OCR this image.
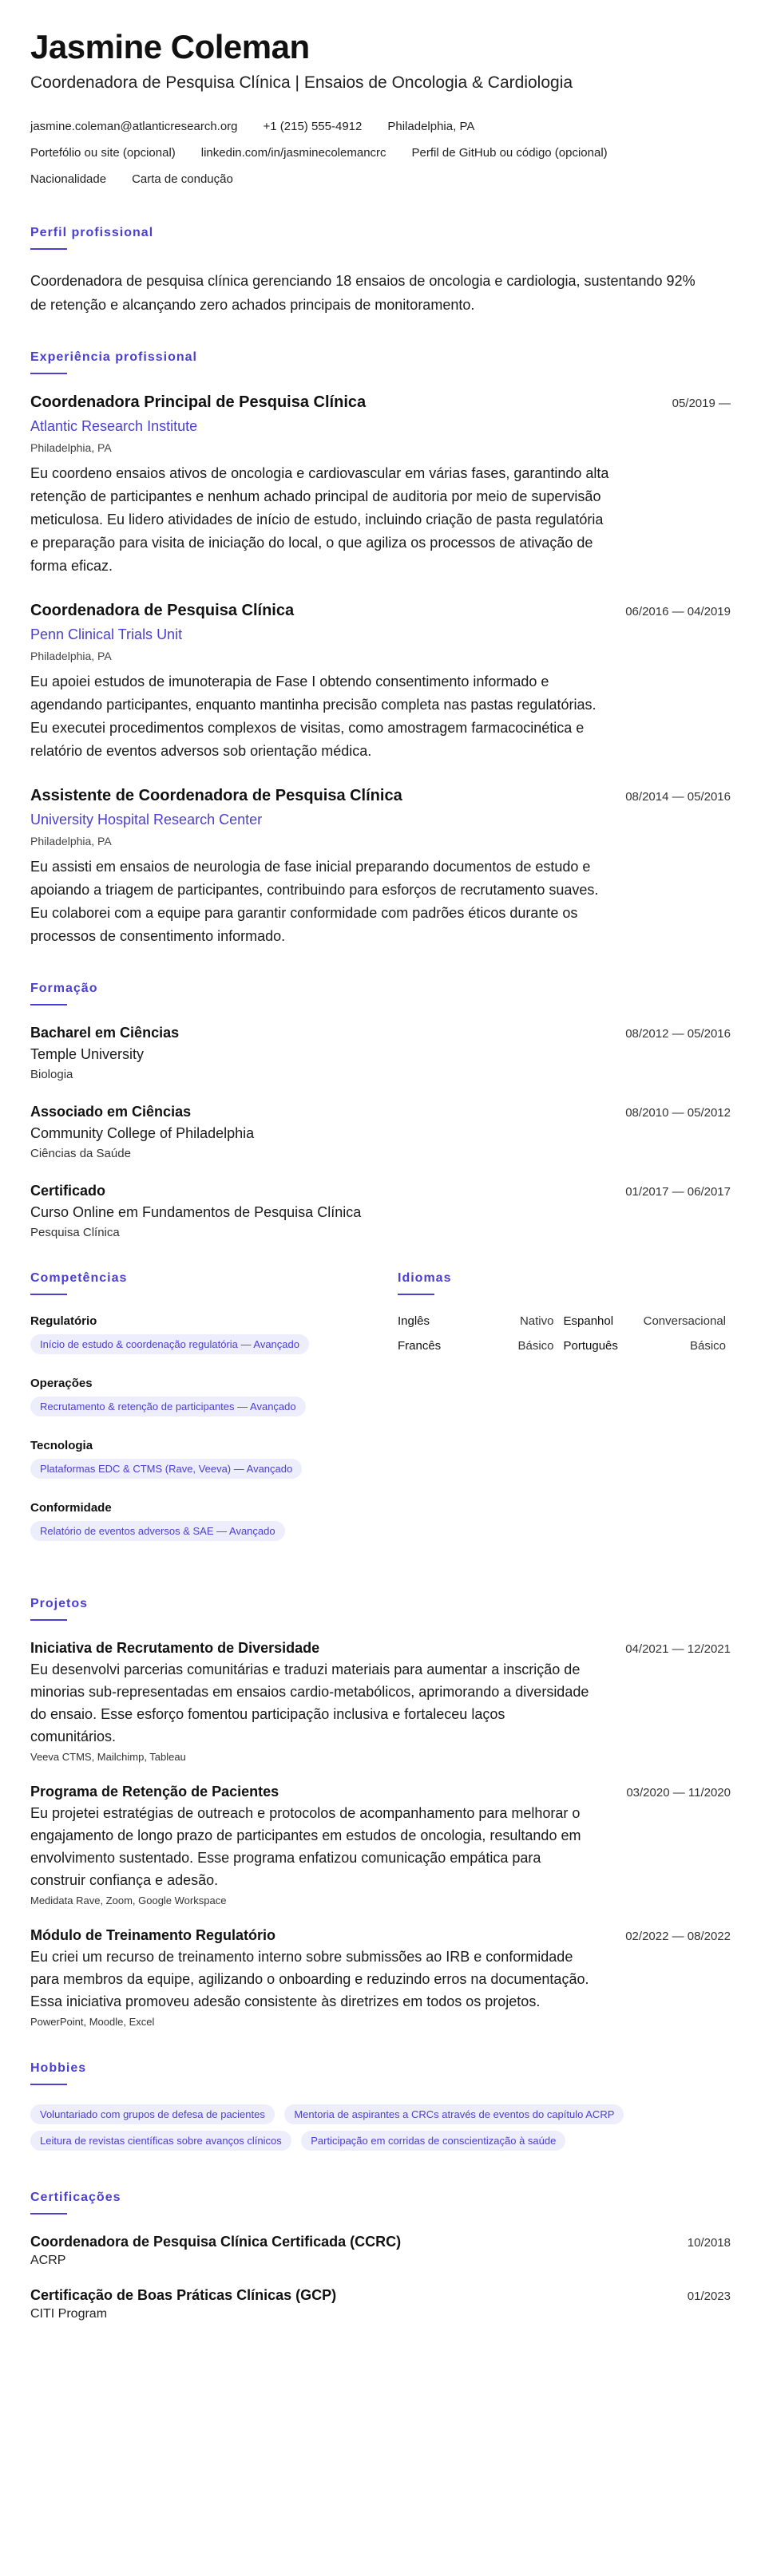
Jasmine Coleman
Coordenadora de Pesquisa Clínica | Ensaios de Oncologia & Cardiologia
jasmine.coleman@atlanticresearch.org +1 (215) 555-4912 Philadelphia, PA
Portefólio ou site (opcional) linkedin.com/in/jasminecolemancrc Perfil de GitHub ou código (opcional)
Nacionalidade Carta de condução
Perfil profissional
Coordenadora de pesquisa clínica gerenciando 18 ensaios de oncologia e cardiologia, sustentando 92% de retenção e alcançando zero achados principais de monitoramento.
Experiência profissional
Coordenadora Principal de Pesquisa Clínica	05/2019 —
Atlantic Research Institute
Philadelphia, PA
Eu coordeno ensaios ativos de oncologia e cardiovascular em várias fases, garantindo alta retenção de participantes e nenhum achado principal de auditoria por meio de supervisão meticulosa. Eu lidero atividades de início de estudo, incluindo criação de pasta regulatória e preparação para visita de iniciação do local, o que agiliza os processos de ativação de forma eficaz.
Coordenadora de Pesquisa Clínica	06/2016 — 04/2019
Penn Clinical Trials Unit
Philadelphia, PA
Eu apoiei estudos de imunoterapia de Fase I obtendo consentimento informado e agendando participantes, enquanto mantinha precisão completa nas pastas regulatórias. Eu executei procedimentos complexos de visitas, como amostragem farmacocinética e relatório de eventos adversos sob orientação médica.
Assistente de Coordenadora de Pesquisa Clínica	08/2014 — 05/2016
University Hospital Research Center
Philadelphia, PA
Eu assisti em ensaios de neurologia de fase inicial preparando documentos de estudo e apoiando a triagem de participantes, contribuindo para esforços de recrutamento suaves. Eu colaborei com a equipe para garantir conformidade com padrões éticos durante os processos de consentimento informado.
Formação
Bacharel em Ciências	08/2012 — 05/2016
Temple University
Biologia
Associado em Ciências	08/2010 — 05/2012
Community College of Philadelphia
Ciências da Saúde
Certificado	01/2017 — 06/2017
Curso Online em Fundamentos de Pesquisa Clínica
Pesquisa Clínica
Competências
Regulatório
Início de estudo & coordenação regulatória — Avançado
Operações
Recrutamento & retenção de participantes — Avançado
Tecnologia
Plataformas EDC & CTMS (Rave, Veeva) — Avançado
Conformidade
Relatório de eventos adversos & SAE — Avançado
Idiomas
Inglês	Nativo Espanhol	Conversacional
Francês	Básico Português	Básico
Projetos
Iniciativa de Recrutamento de Diversidade	04/2021 — 12/2021
Eu desenvolvi parcerias comunitárias e traduzi materiais para aumentar a inscrição de minorias sub-representadas em ensaios cardio-metabólicos, aprimorando a diversidade do ensaio. Esse esforço fomentou participação inclusiva e fortaleceu laços comunitários.
Veeva CTMS, Mailchimp, Tableau
Programa de Retenção de Pacientes	03/2020 — 11/2020
Eu projetei estratégias de outreach e protocolos de acompanhamento para melhorar o engajamento de longo prazo de participantes em estudos de oncologia, resultando em envolvimento sustentado. Esse programa enfatizou comunicação empática para construir confiança e adesão.
Medidata Rave, Zoom, Google Workspace
Módulo de Treinamento Regulatório	02/2022 — 08/2022
Eu criei um recurso de treinamento interno sobre submissões ao IRB e conformidade para membros da equipe, agilizando o onboarding e reduzindo erros na documentação. Essa iniciativa promoveu adesão consistente às diretrizes em todos os projetos.
PowerPoint, Moodle, Excel
Hobbies
Voluntariado com grupos de defesa de pacientes	Mentoria de aspirantes a CRCs através de eventos do capítulo ACRP Leitura de revistas científicas sobre avanços clínicos	Participação em corridas de conscientização à saúde
Certificações
Coordenadora de Pesquisa Clínica Certificada (CCRC)	10/2018
ACRP
Certificação de Boas Práticas Clínicas (GCP)	01/2023
CITI Program
